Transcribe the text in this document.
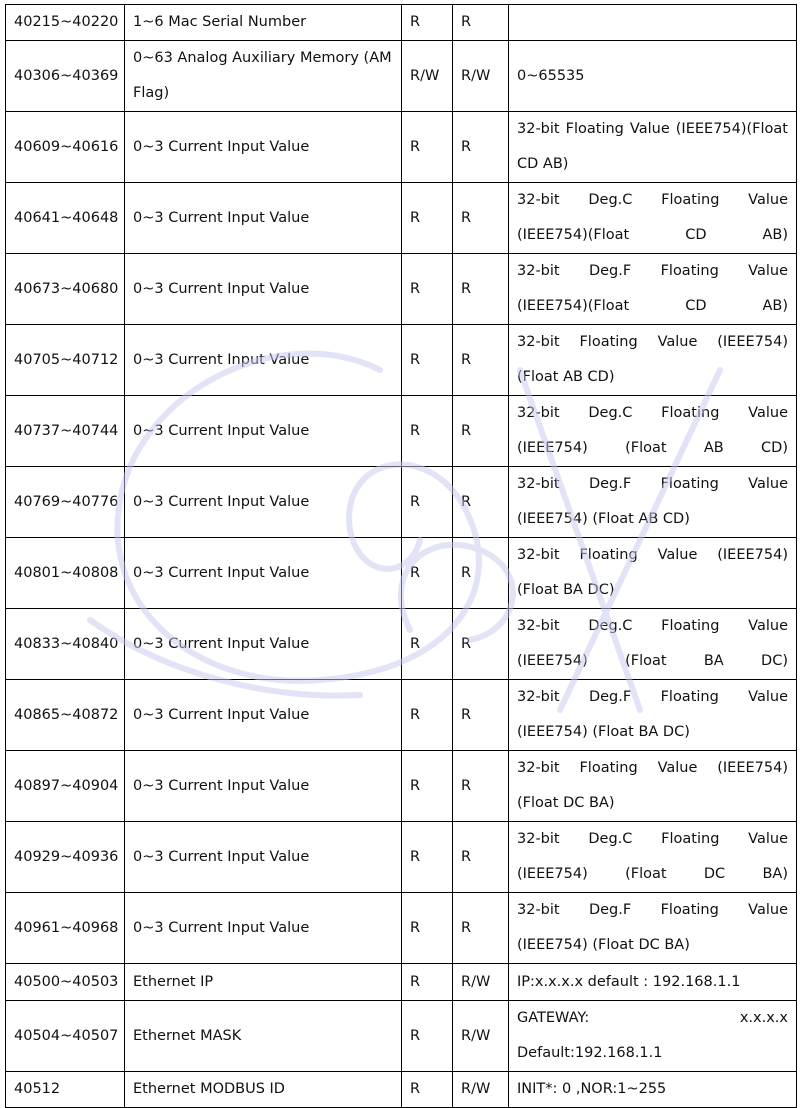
40215~40220	1~6 Mac Serial Number	R	R	
40306~40369	0~63 Analog Auxiliary Memory (AM Flag)	R/W	R/W	0~65535
40609~40616	0~3 Current Input Value	R	R	32-bit Floating Value (IEEE754)(Float CD AB)
40641~40648	0~3 Current Input Value	R	R	32-bit Deg.C Floating Value (IEEE754)(Float CD AB)
40673~40680	0~3 Current Input Value	R	R	32-bit Deg.F Floating Value (IEEE754)(Float CD AB)
40705~40712	0~3 Current Input Value	R	R	32-bit Floating Value (IEEE754) (Float AB CD)
40737~40744	0~3 Current Input Value	R	R	32-bit Deg.C Floating Value (IEEE754) (Float AB CD)
40769~40776	0~3 Current Input Value	R	R	32-bit Deg.F Floating Value (IEEE754) (Float AB CD)
40801~40808	0~3 Current Input Value	R	R	32-bit Floating Value (IEEE754) (Float BA DC)
40833~40840	0~3 Current Input Value	R	R	32-bit Deg.C Floating Value (IEEE754) (Float BA DC)
40865~40872	0~3 Current Input Value	R	R	32-bit Deg.F Floating Value (IEEE754) (Float BA DC)
40897~40904	0~3 Current Input Value	R	R	32-bit Floating Value (IEEE754) (Float DC BA)
40929~40936	0~3 Current Input Value	R	R	32-bit Deg.C Floating Value (IEEE754) (Float DC BA)
40961~40968	0~3 Current Input Value	R	R	32-bit Deg.F Floating Value (IEEE754) (Float DC BA)
40500~40503	Ethernet IP	R	R/W	IP:x.x.x.x default : 192.168.1.1
40504~40507	Ethernet MASK	R	R/W	GATEWAY: x.x.x.x Default:192.168.1.1
40512	Ethernet MODBUS ID	R	R/W	INIT*: 0 ,NOR:1~255
